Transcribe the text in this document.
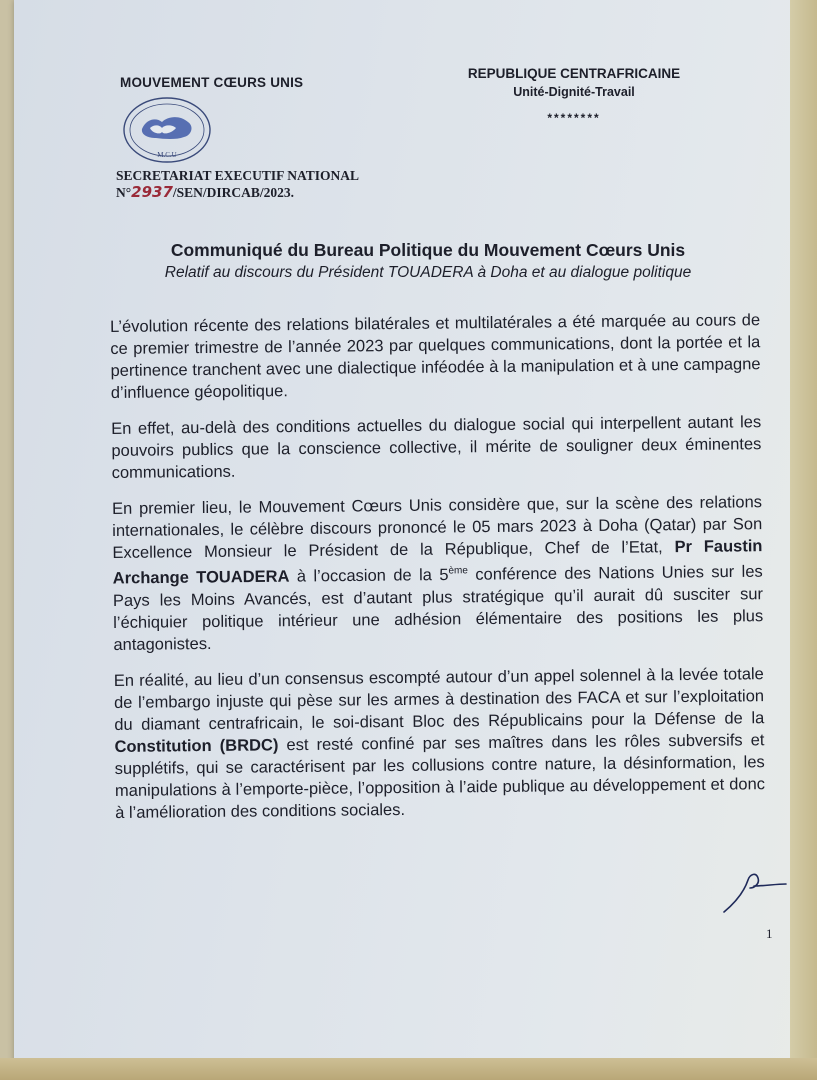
MOUVEMENT CŒURS UNIS
REPUBLIQUE CENTRAFRICAINE
Unité-Dignité-Travail
********
M.C.U
SECRETARIAT EXECUTIF NATIONAL
N°2937/SEN/DIRCAB/2023.
Communiqué du Bureau Politique du Mouvement Cœurs Unis
Relatif au discours du Président TOUADERA à Doha et au dialogue politique

L’évolution récente des relations bilatérales et multilatérales a été marquée au cours de ce premier trimestre de l’année 2023 par quelques communications, dont la portée et la pertinence tranchent avec une dialectique inféodée à la manipulation et à une campagne d’influence géopolitique.

En effet, au-delà des conditions actuelles du dialogue social qui interpellent autant les pouvoirs publics que la conscience collective, il mérite de souligner deux éminentes communications.

En premier lieu, le Mouvement Cœurs Unis considère que, sur la scène des relations internationales, le célèbre discours prononcé le 05 mars 2023 à Doha (Qatar) par Son Excellence Monsieur le Président de la République, Chef de l’Etat, Pr Faustin Archange TOUADERA à l’occasion de la 5ème conférence des Nations Unies sur les Pays les Moins Avancés, est d’autant plus stratégique qu’il aurait dû susciter sur l’échiquier politique intérieur une adhésion élémentaire des positions les plus antagonistes.

En réalité, au lieu d’un consensus escompté autour d’un appel solennel à la levée totale de l’embargo injuste qui pèse sur les armes à destination des FACA et sur l’exploitation du diamant centrafricain, le soi-disant Bloc des Républicains pour la Défense de la Constitution (BRDC) est resté confiné par ses maîtres dans les rôles subversifs et supplétifs, qui se caractérisent par les collusions contre nature, la désinformation, les manipulations à l’emporte-pièce, l’opposition à l’aide publique au développement et donc à l’amélioration des conditions sociales.

1
